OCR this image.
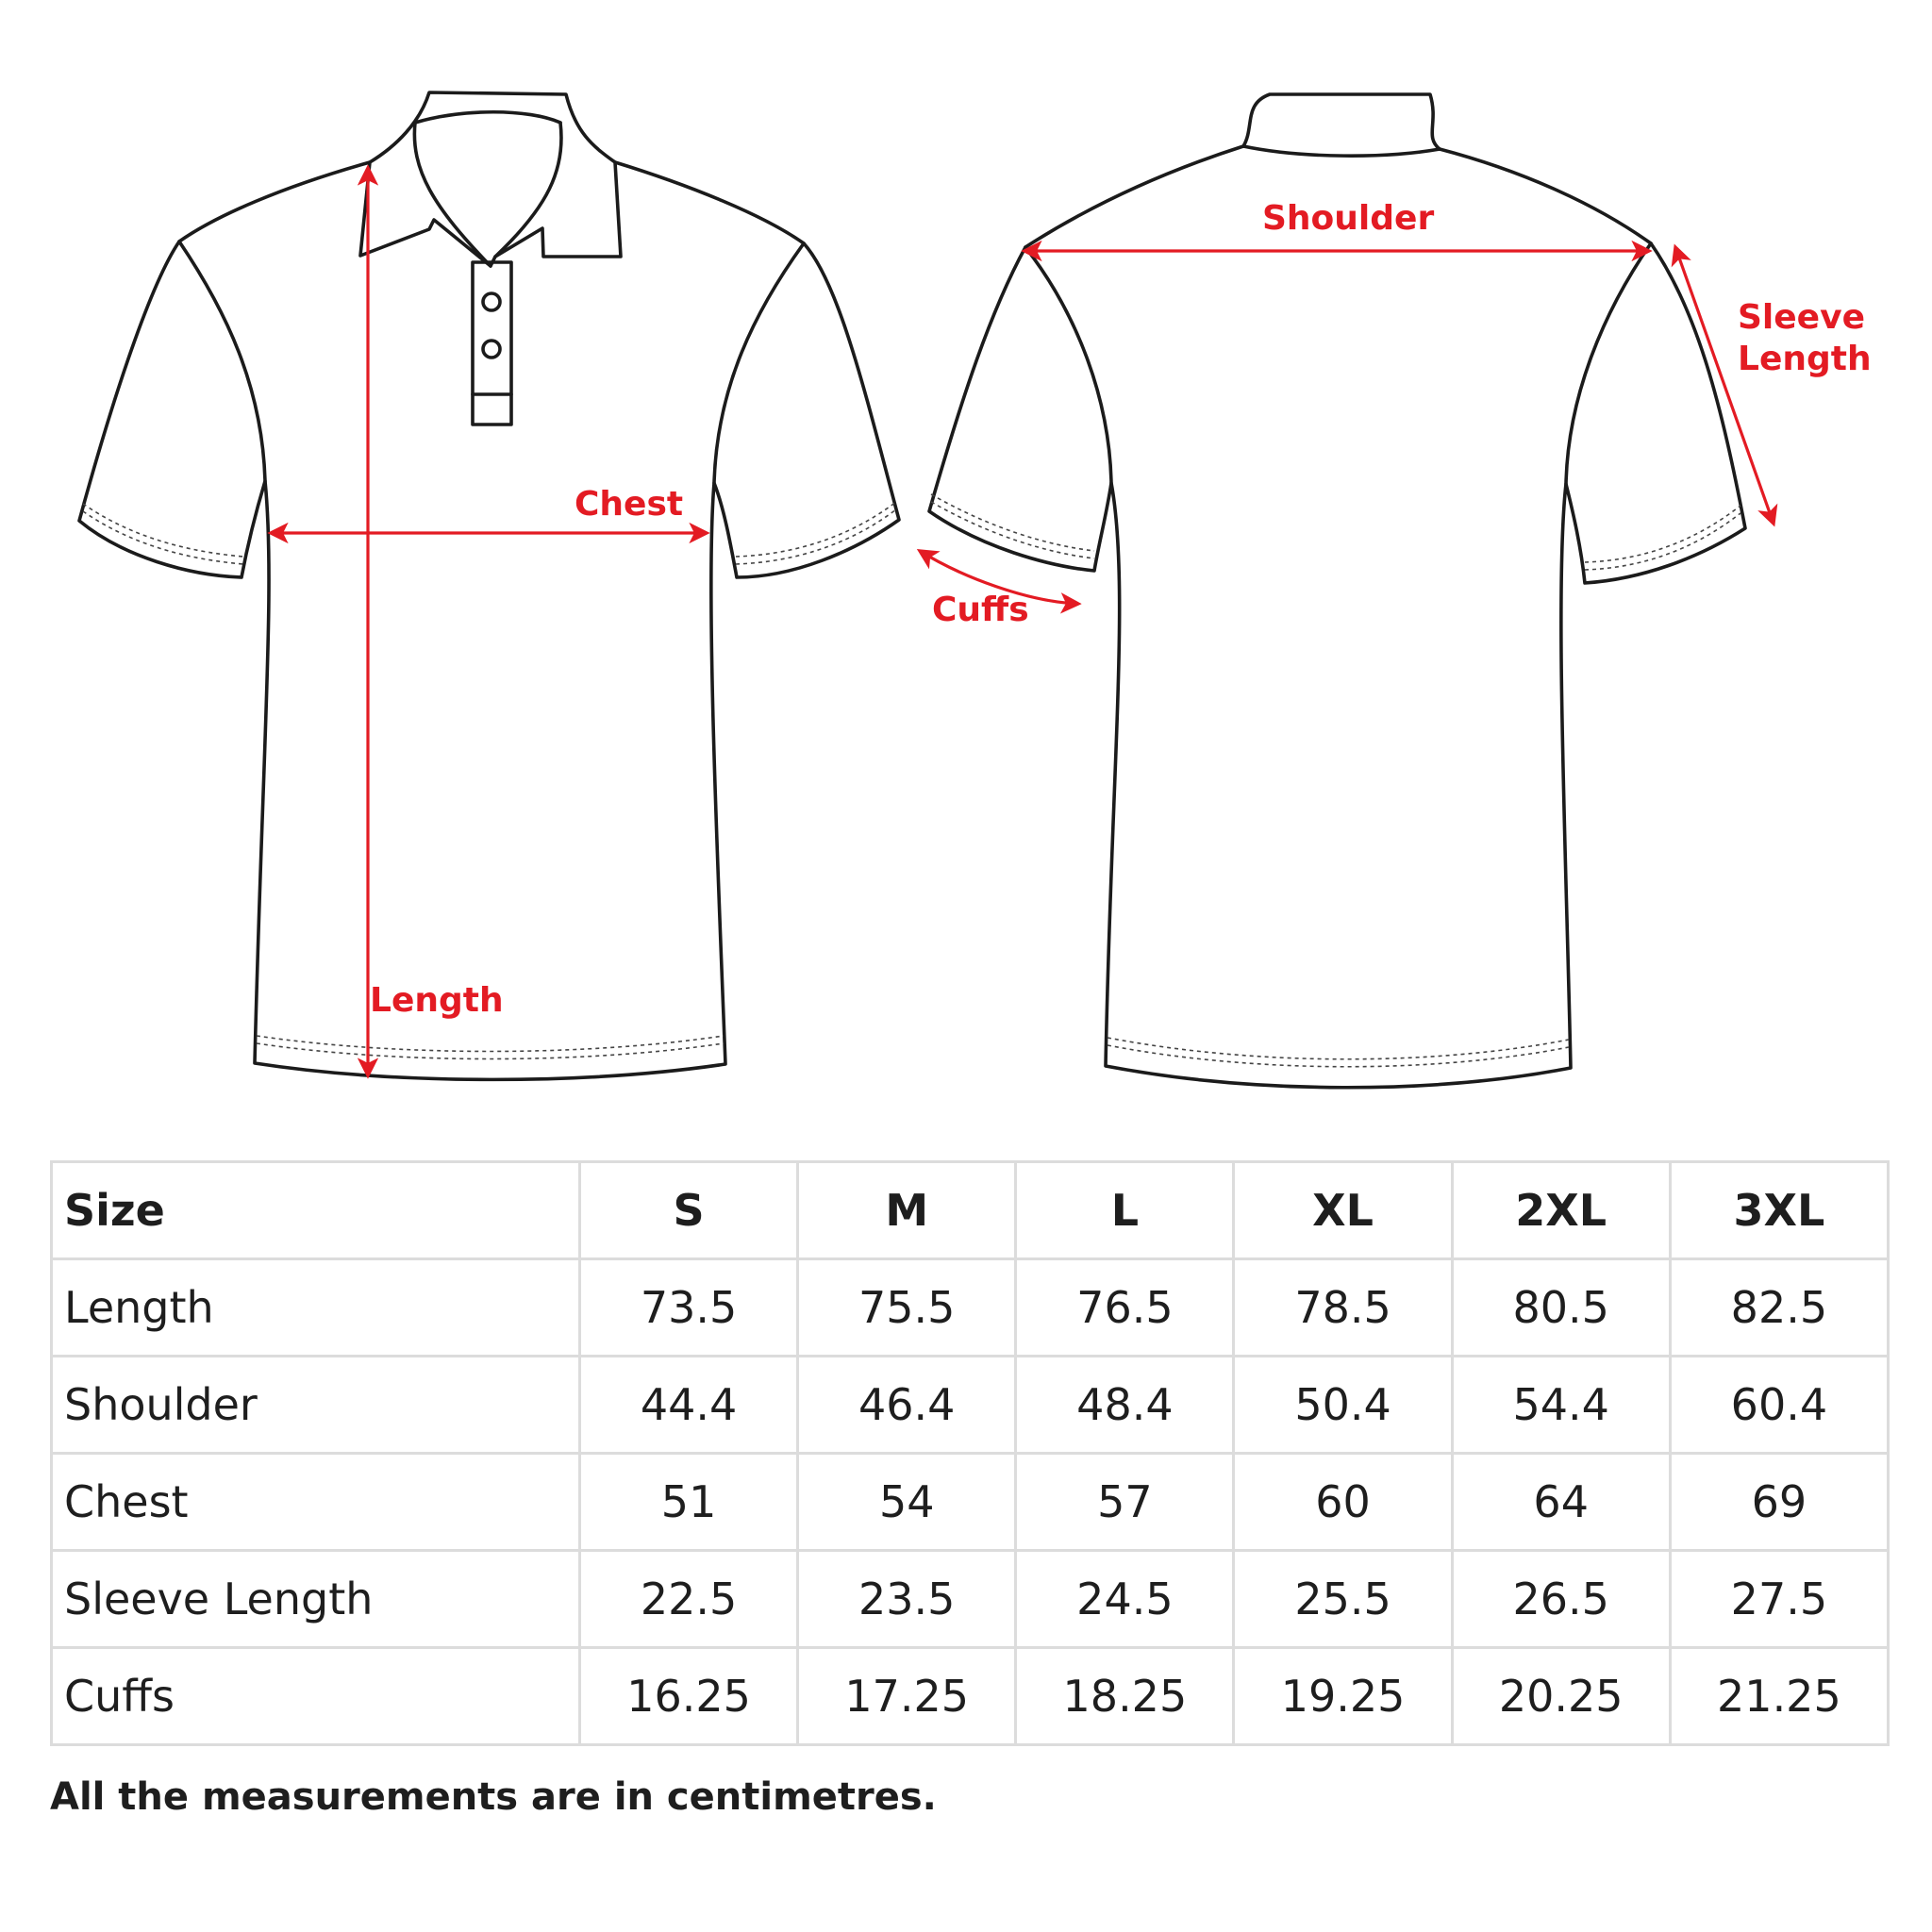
Chest
Length
Shoulder
Sleeve
Length
Cuffs
Size	S	M	L	XL	2XL	3XL
Length	73.5	75.5	76.5	78.5	80.5	82.5
Shoulder	44.4	46.4	48.4	50.4	54.4	60.4
Chest	51	54	57	60	64	69
Sleeve Length	22.5	23.5	24.5	25.5	26.5	27.5
Cuffs	16.25	17.25	18.25	19.25	20.25	21.25
All the measurements are in centimetres.
